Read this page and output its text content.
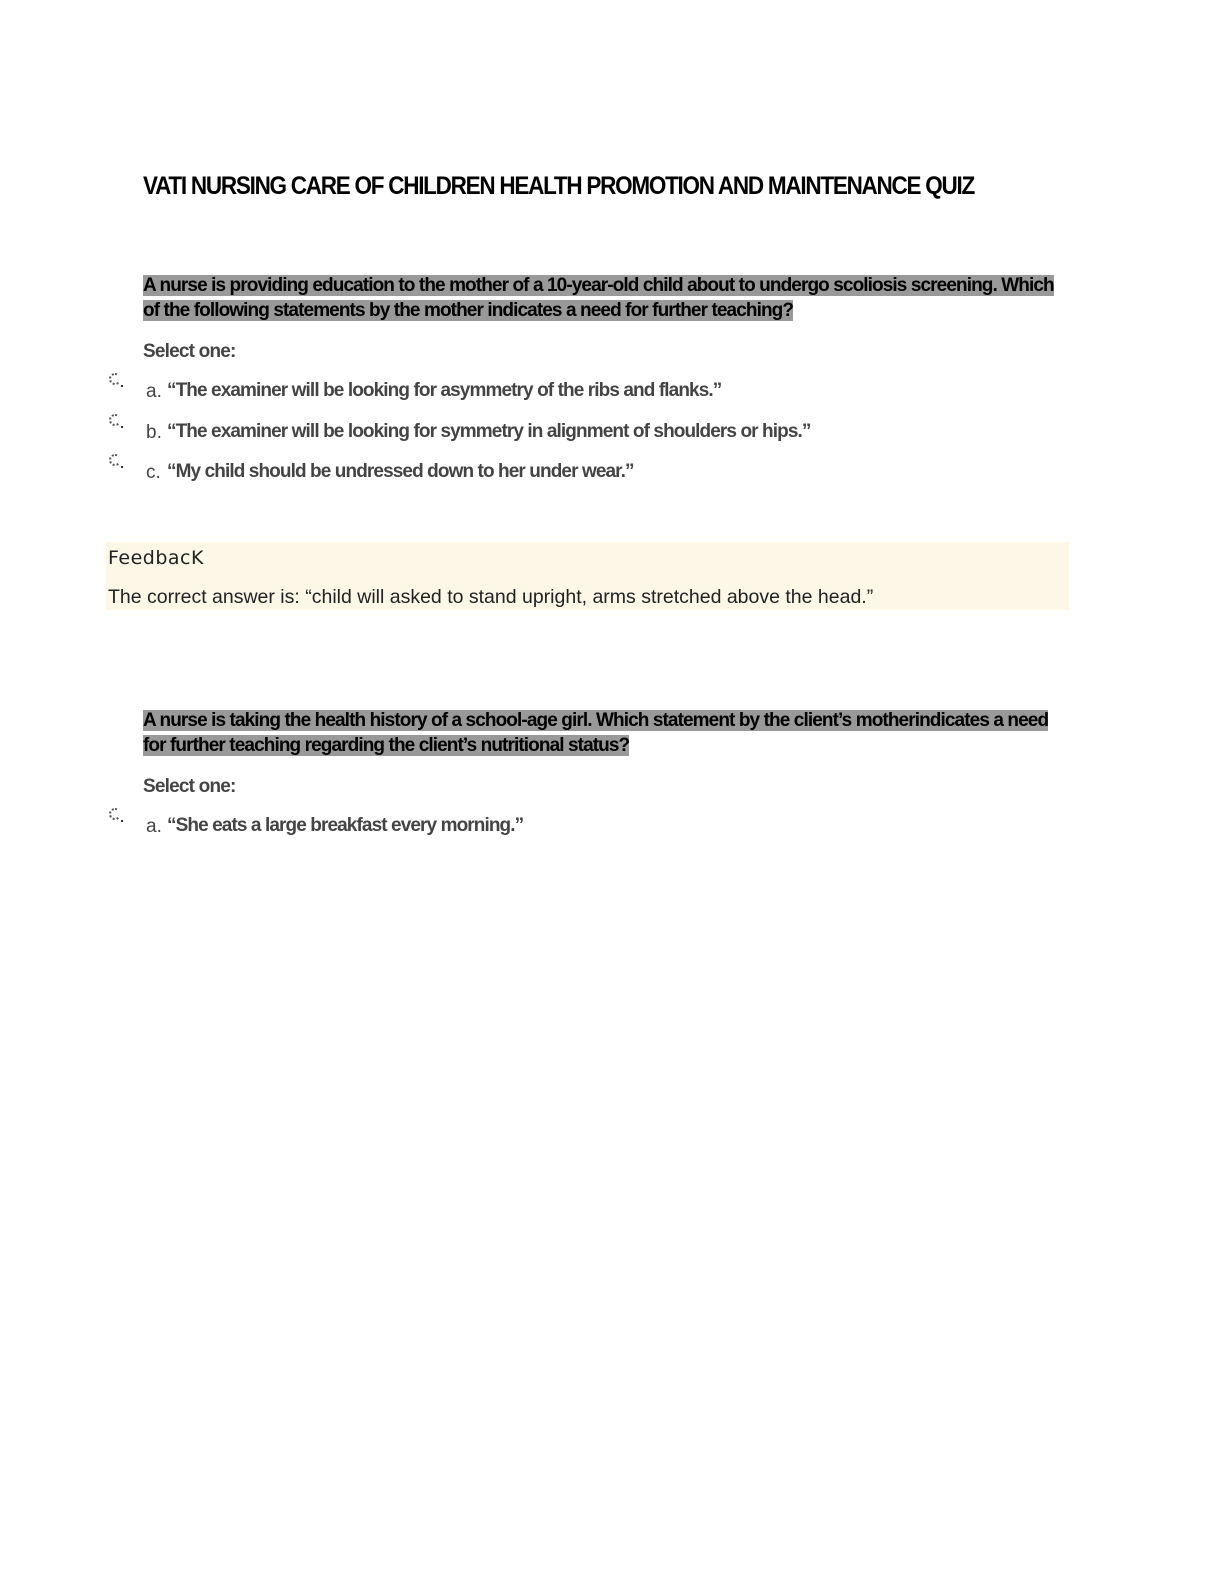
VATI NURSING CARE OF CHILDREN HEALTH PROMOTION AND MAINTENANCE QUIZ
A nurse is providing education to the mother of a 10-year-old child about to undergo scoliosis screening. Which of the following statements by the mother indicates a need for further teaching?
Select one:
a. “The examiner will be looking for asymmetry of the ribs and flanks.”
b. “The examiner will be looking for symmetry in alignment of shoulders or hips.”
c. “My child should be undressed down to her under wear.”
FeedbacK
The correct answer is: “child will asked to stand upright, arms stretched above the head.”
A nurse is taking the health history of a school-age girl. Which statement by the client’s motherindicates a need for further teaching regarding the client’s nutritional status?
Select one:
a. “She eats a large breakfast every morning.”
